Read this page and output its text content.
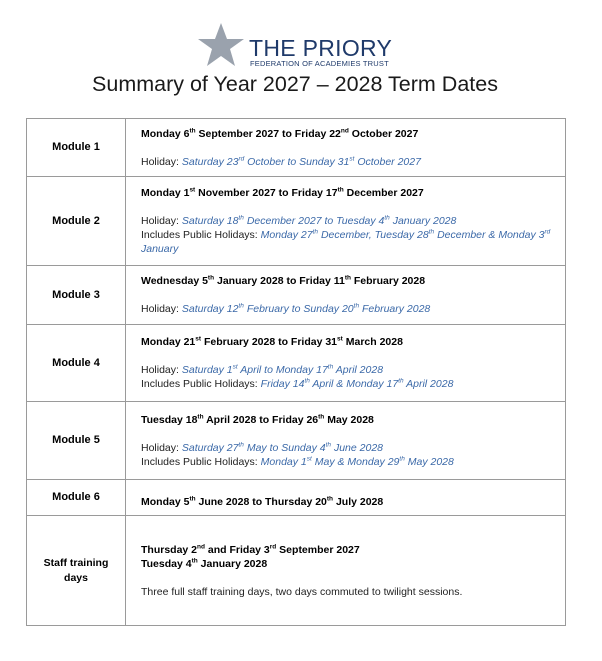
THE PRIORY
FEDERATION OF ACADEMIES TRUST
Summary of Year 2027 – 2028 Term Dates
Module 1	Monday 6th September 2027 to Friday 22nd October 2027
Holiday: Saturday 23rd October to Sunday 31st October 2027

Module 2	Monday 1st November 2027 to Friday 17th December 2027
Holiday: Saturday 18th December 2027 to Tuesday 4th January 2028
Includes Public Holidays: Monday 27th December, Tuesday 28th December & Monday 3rd January

Module 3	Wednesday 5th January 2028 to Friday 11th February 2028
Holiday: Saturday 12th February to Sunday 20th February 2028

Module 4	Monday 21st February 2028 to Friday 31st March 2028
Holiday: Saturday 1st April to Monday 17th April 2028
Includes Public Holidays: Friday 14th April & Monday 17th April 2028

Module 5	Tuesday 18th April 2028 to Friday 26th May 2028
Holiday: Saturday 27th May to Sunday 4th June 2028
Includes Public Holidays: Monday 1st May & Monday 29th May 2028

Module 6	Monday 5th June 2028 to Thursday 20th July 2028

Staff training days	Thursday 2nd and Friday 3rd September 2027
Tuesday 4th January 2028
Three full staff training days, two days commuted to twilight sessions.
